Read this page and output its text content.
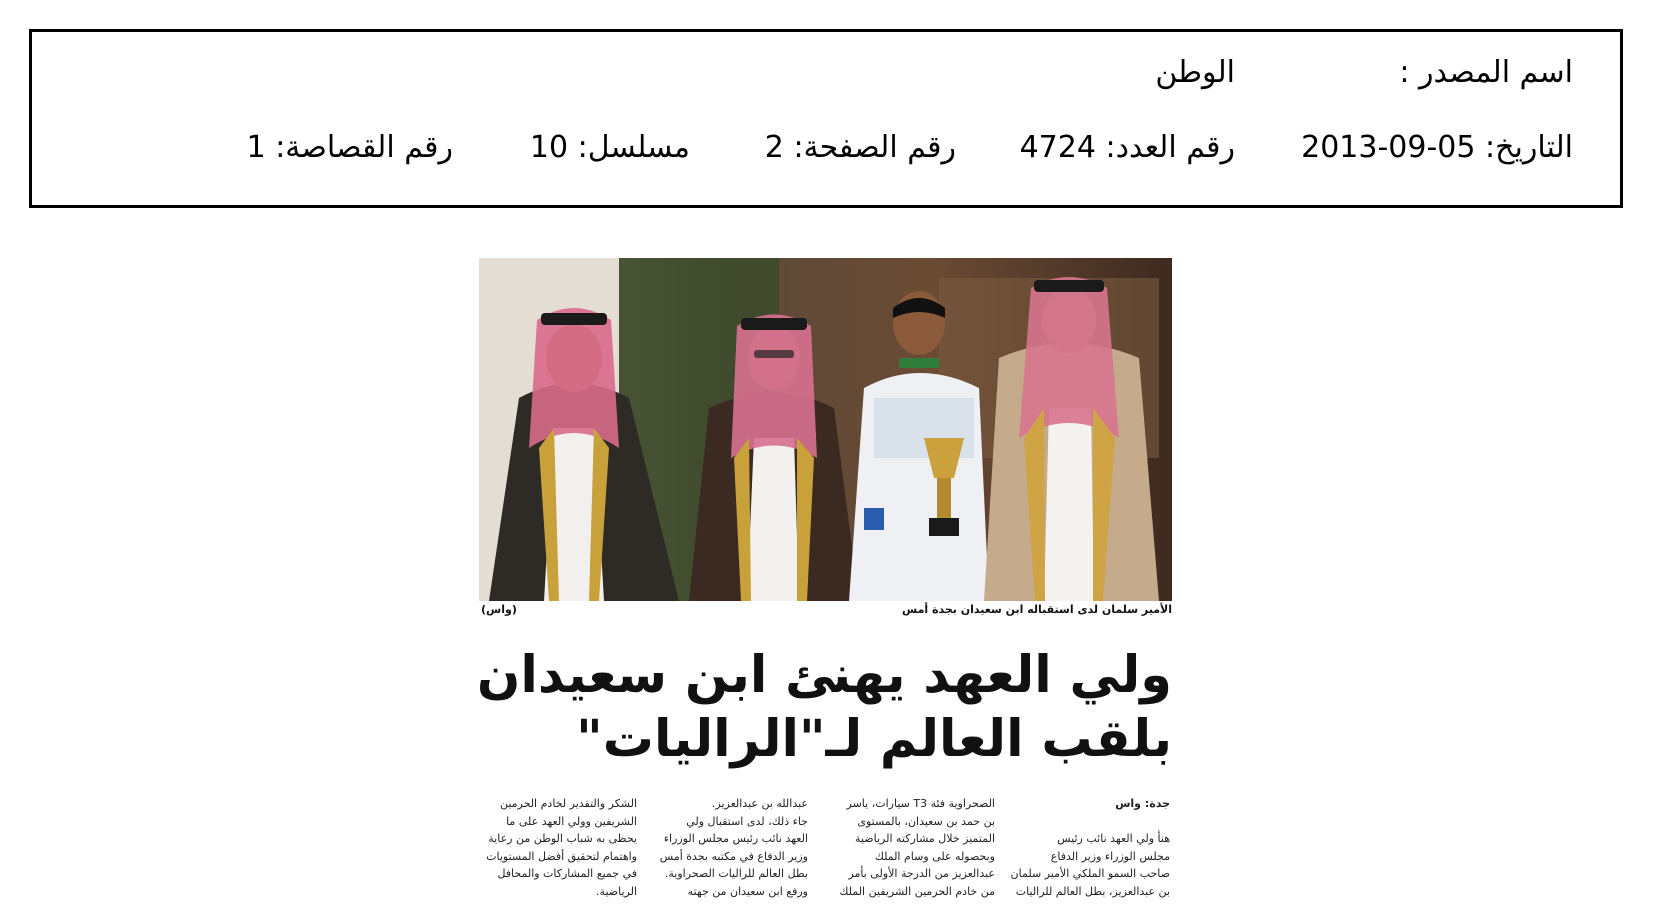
اسم المصدر :
الوطن
التاريخ: 2013-09-05
رقم العدد: 4724
رقم الصفحة: 2
مسلسل: 10
رقم القصاصة: 1
الأمير سلمان لدى استقباله ابن سعيدان بجدة أمس
(واس)
ولي العهد يهنئ ابن سعيدان
بلقب العالم لـ"الراليات"
جدة: واس

هنأ ولي العهد نائب رئيس
مجلس الوزراء وزير الدفاع
صاحب السمو الملكي الأمير سلمان
بن عبدالعزيز، بطل العالم للراليات
الصحراوية فئة T3 سيارات، ياسر
بن حمد بن سعيدان، بالمستوى
المتميز خلال مشاركته الرياضية
وبحصوله على وسام الملك
عبدالعزيز من الدرجة الأولى بأمر
من خادم الحرمين الشريفين الملك
عبدالله بن عبدالعزيز.
جاء ذلك، لدى استقبال ولي
العهد نائب رئيس مجلس الوزراء
وزير الدفاع في مكتبه بجدة أمس
بطل العالم للراليات الصحراوية.
ورفع ابن سعيدان من جهته
الشكر والتقدير لخادم الحرمين
الشريفين وولي العهد على ما
يحظى به شباب الوطن من رعاية
واهتمام لتحقيق أفضل المستويات
في جميع المشاركات والمحافل
الرياضية.
